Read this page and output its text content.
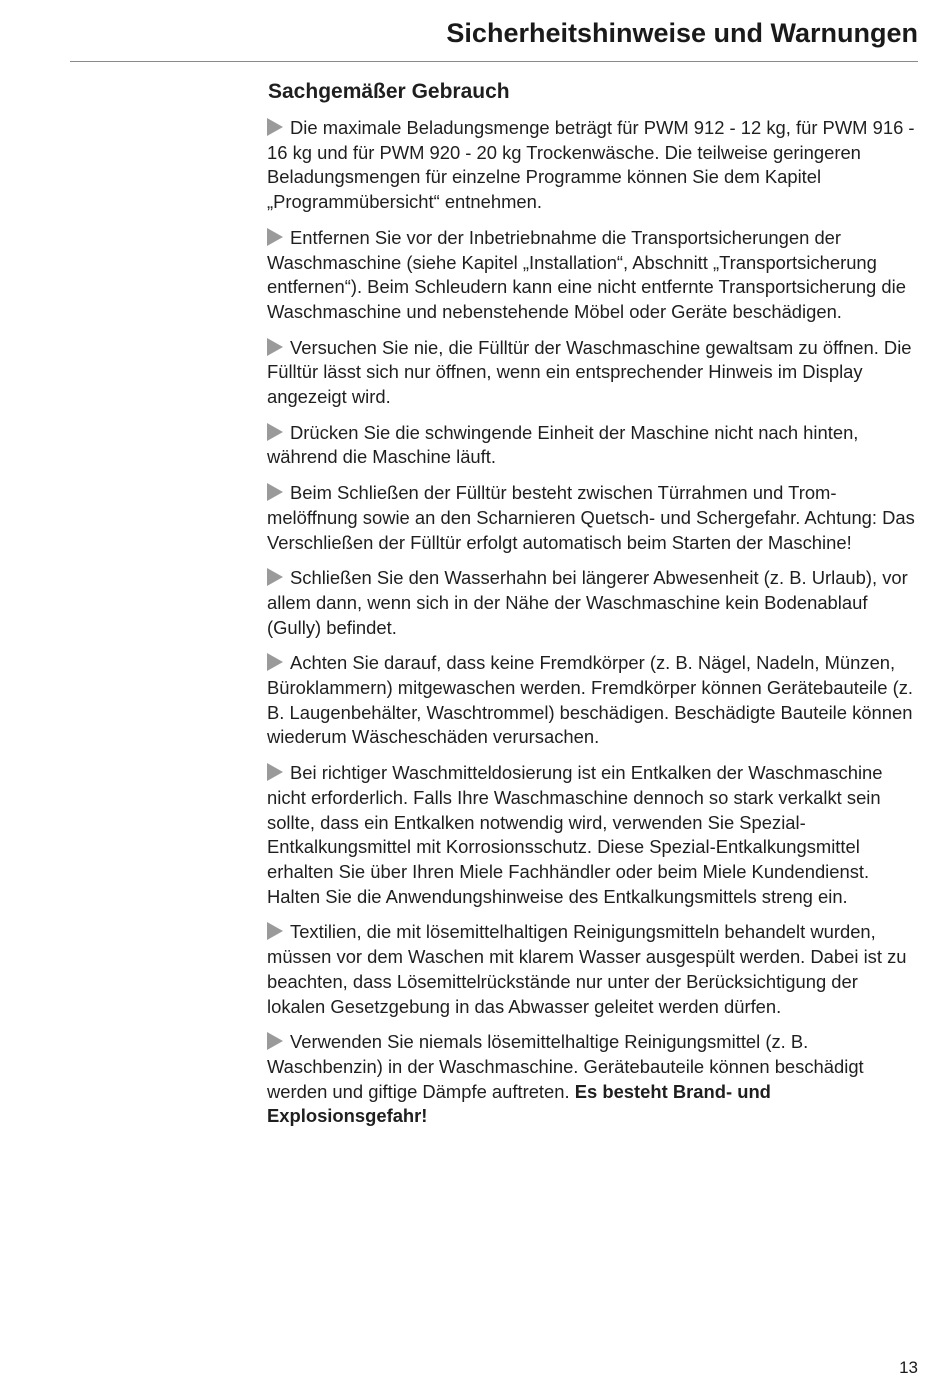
Sicherheitshinweise und Warnungen
Sachgemäßer Gebrauch

Die maximale Beladungsmenge beträgt für PWM 912 - 12 kg, für PWM 916 - 16 kg und für PWM 920 - 20 kg Trockenwäsche. Die teilweise geringeren Beladungsmengen für einzelne Programme können Sie dem Kapitel „Programmübersicht“ entnehmen.

Entfernen Sie vor der Inbetriebnahme die Transportsicherungen der Waschmaschine (siehe Kapitel „Installation“, Abschnitt „Transportsicherung entfernen“). Beim Schleudern kann eine nicht entfernte Transportsicherung die Waschmaschine und nebenstehende Möbel oder Geräte beschädigen.

Versuchen Sie nie, die Fülltür der Waschmaschine gewaltsam zu öffnen. Die Fülltür lässt sich nur öffnen, wenn ein entsprechender Hinweis im Display angezeigt wird.

Drücken Sie die schwingende Einheit der Maschine nicht nach hinten, während die Maschine läuft.

Beim Schließen der Fülltür besteht zwischen Türrahmen und Trommelöffnung sowie an den Scharnieren Quetsch- und Schergefahr. Achtung: Das Verschließen der Fülltür erfolgt automatisch beim Starten der Maschine!

Schließen Sie den Wasserhahn bei längerer Abwesenheit (z. B. Urlaub), vor allem dann, wenn sich in der Nähe der Waschmaschine kein Bodenablauf (Gully) befindet.

Achten Sie darauf, dass keine Fremdkörper (z. B. Nägel, Nadeln, Münzen, Büroklammern) mitgewaschen werden. Fremdkörper können Gerätebauteile (z. B. Laugenbehälter, Waschtrommel) beschädigen. Beschädigte Bauteile können wiederum Wäscheschäden verursachen.

Bei richtiger Waschmitteldosierung ist ein Entkalken der Waschmaschine nicht erforderlich. Falls Ihre Waschmaschine dennoch so stark verkalkt sein sollte, dass ein Entkalken notwendig wird, verwenden Sie Spezial-Entkalkungsmittel mit Korrosionsschutz. Diese Spezial-Entkalkungsmittel erhalten Sie über Ihren Miele Fachhändler oder beim Miele Kundendienst. Halten Sie die Anwendungshinweise des Entkalkungsmittels streng ein.

Textilien, die mit lösemittelhaltigen Reinigungsmitteln behandelt wurden, müssen vor dem Waschen mit klarem Wasser ausgespült werden. Dabei ist zu beachten, dass Lösemittelrückstände nur unter der Berücksichtigung der lokalen Gesetzgebung in das Abwasser geleitet werden dürfen.

Verwenden Sie niemals lösemittelhaltige Reinigungsmittel (z. B. Waschbenzin) in der Waschmaschine. Gerätebauteile können beschädigt werden und giftige Dämpfe auftreten. Es besteht Brand- und Explosionsgefahr!

13
